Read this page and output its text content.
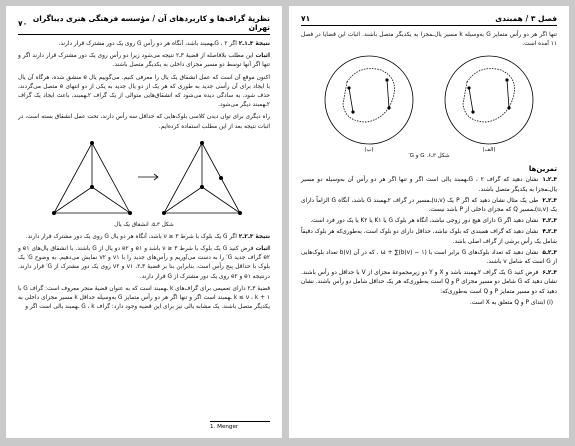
نظریهٔ گراف‌ها و کاربردهای آن / مؤسسه فرهنگی هنری دیباگران تهران
۷۰

نتیجهٔ ۳ـ۱ـ۲ اگر G ، ۲ـهمبند باشد، آنگاه هر دو رأس G روی یک دور مشترک قرار دارند.

اثبات این مطلب بلافاصله از قضیهٔ ۳ـ۲ نتیجه می‌شود زیرا دو رأس روی یک دور مشترک قرار دارند اگر و تنها اگر آنها توسط دو مسیر مجزای داخلی به یکدیگر متصل باشند.

اکنون موقع آن است که عمل انشقاق یک یال را معرفی کنیم. می‌گوییم یال e منشق شده، هرگاه آن یال با ایجاد برای آن رأسی جدید به طوری که هر یک از دو یال جدید به یکی از دو انتهای e متصل می‌گردند، حذف شود. به سادگی دیده می‌شود که انشقاق‌هایی متوالی از یک گراف ۲ـهمبند، باعث ایجاد یک گراف ۲ـهمبند دیگر می‌شود.

راه دیگری برای توان دیدن کلاسی بلوک‌هایی که حداقل سه رأس دارند، تحت عمل انشقاق بسته است، در اثبات نتیجه بعد از این مطلب استفاده کرده‌ایم.

شکل ۳ـ۵. انشقاق یک یال

نتیجهٔ ۳ـ۲ـ۲ اگر G یک بلوک با شرط ۳ ≤ ν باشد، آنگاه هر دو یال G روی یک دور مشترک قرار دارند.

اثبات فرض کنید G یک بلوک با شرط ۳ ≤ ν باشد و e۱ و e۲ دو یال از G باشند. با انشقاق یال‌های e۱ و e۲ گراف جدید G′ را به دست می‌آوریم و رأس‌های جدید را با v۱ و v۲ نمایش می‌دهیم. به وضوح G′ یک بلوک با حداقل پنج رأس است. بنابراین بنا بر قضیهٔ ۳ـ۲، v۱ و v۲ روی یک دور مشترک از G′ قرار دارند. درنتیجه e۱ و e۲ روی یک دور مشترک از G قرار دارند.

قضیهٔ ۳ـ۲ دارای تعمیمی برای گراف‌های k ـهمبند است که به عنوان قضیهٔ منجر معروف است: گراف G با ۱ + k ≤ ν ، k ـهمبند است اگر و تنها اگر هر دو رأس متمایز G به‌وسیله حداقل k مسیر مجزای داخلی به یکدیگر متصل باشند. یک مشابه یالی نیز برای این قضیه وجود دارد: گراف G ، k ـهمبند یالی است اگر و

1. Menger
فصل ۳ / همبندی
۷۱

تنها اگر هر دو رأس متمایز G به‌وسیله k مسیر یال‌ـمجزا به یکدیگر متصل باشند. اثبات این قضایا در فصل ۱۱ آمده است.

(الف)
(ب)

شکل ۳ـ۶. G و G′

تمرین‌ها

۳ـ۲ـ۱نشان دهید که گراف G ، ۲ـهمبند یالی است اگر و تنها اگر هر دو رأس آن به‌وسیله دو مسیر یال‌ـمجزا به یکدیگر متصل باشند.

۳ـ۲ـ۲طی یک مثال نشان دهید که اگر P یک (u,v)ـمسیر در گراف ۲ـهمبند G باشد، آنگاه G الزاماً دارای یک (u,v)ـمسیر Q که مجزای داخلی از P باشد نیست.

۳ـ۲ـ۳نشان دهید اگر G دارای هیچ دور زوجی نباشد، آنگاه هر بلوک G یا K۱ یا K۲ یا یک دور فرد است.

۳ـ۲ـ۴نشان دهید که گراف همبندی که بلوک نباشد، حداقل دارای دو بلوک است، به‌طوری‌که هر بلوک دقیقاً شامل یک رأس برشی از گراف اصلی باشد.

۳ـ۲ـ۵نشان دهید که تعداد بلوک‌های G برابر است با (b(v) − ۱)∑ + ω ، که در آن (b(v تعداد بلوک‌هایی از G است که شامل v باشند.

۳ـ۲ـ۶فرض کنید G یک گراف ۲ـهمبند باشد و X و Y دو زیرمجموعهٔ مجزای از V با حداقل دو رأس باشند. نشان دهید که G شامل دو مسیر مجزای P و Q است به‌طوری‌که هر یک حداقل شامل دو رأس باشند. نشان دهید که دو مسیر متمایز P و Q است به‌طوری‌که:

(i) ابتدای P و Q متعلق به X است.
